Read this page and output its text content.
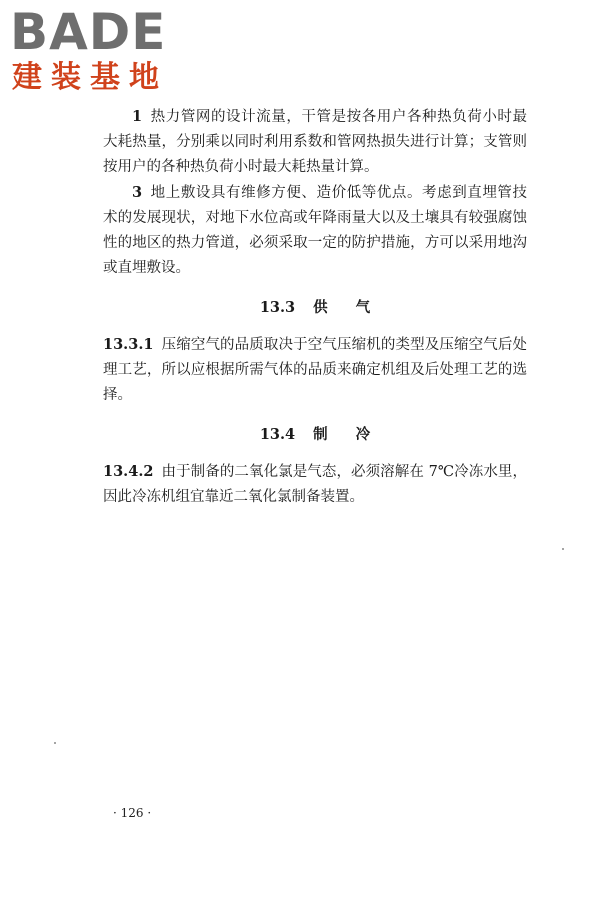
BADE
建装基地

1 热力管网的设计流量，干管是按各用户各种热负荷小时最大耗热量，分别乘以同时利用系数和管网热损失进行计算；支管则按用户的各种热负荷小时最大耗热量计算。

3 地上敷设具有维修方便、造价低等优点。考虑到直埋管技术的发展现状，对地下水位高或年降雨量大以及土壤具有较强腐蚀性的地区的热力管道，必须采取一定的防护措施，方可以采用地沟或直埋敷设。

13.3 供 气

13.3.1 压缩空气的品质取决于空气压缩机的类型及压缩空气后处理工艺，所以应根据所需气体的品质来确定机组及后处理工艺的选择。

13.4 制 冷

13.4.2 由于制备的二氧化氯是气态，必须溶解在 7℃冷冻水里，因此冷冻机组宜靠近二氧化氯制备装置。

· 126 ·
